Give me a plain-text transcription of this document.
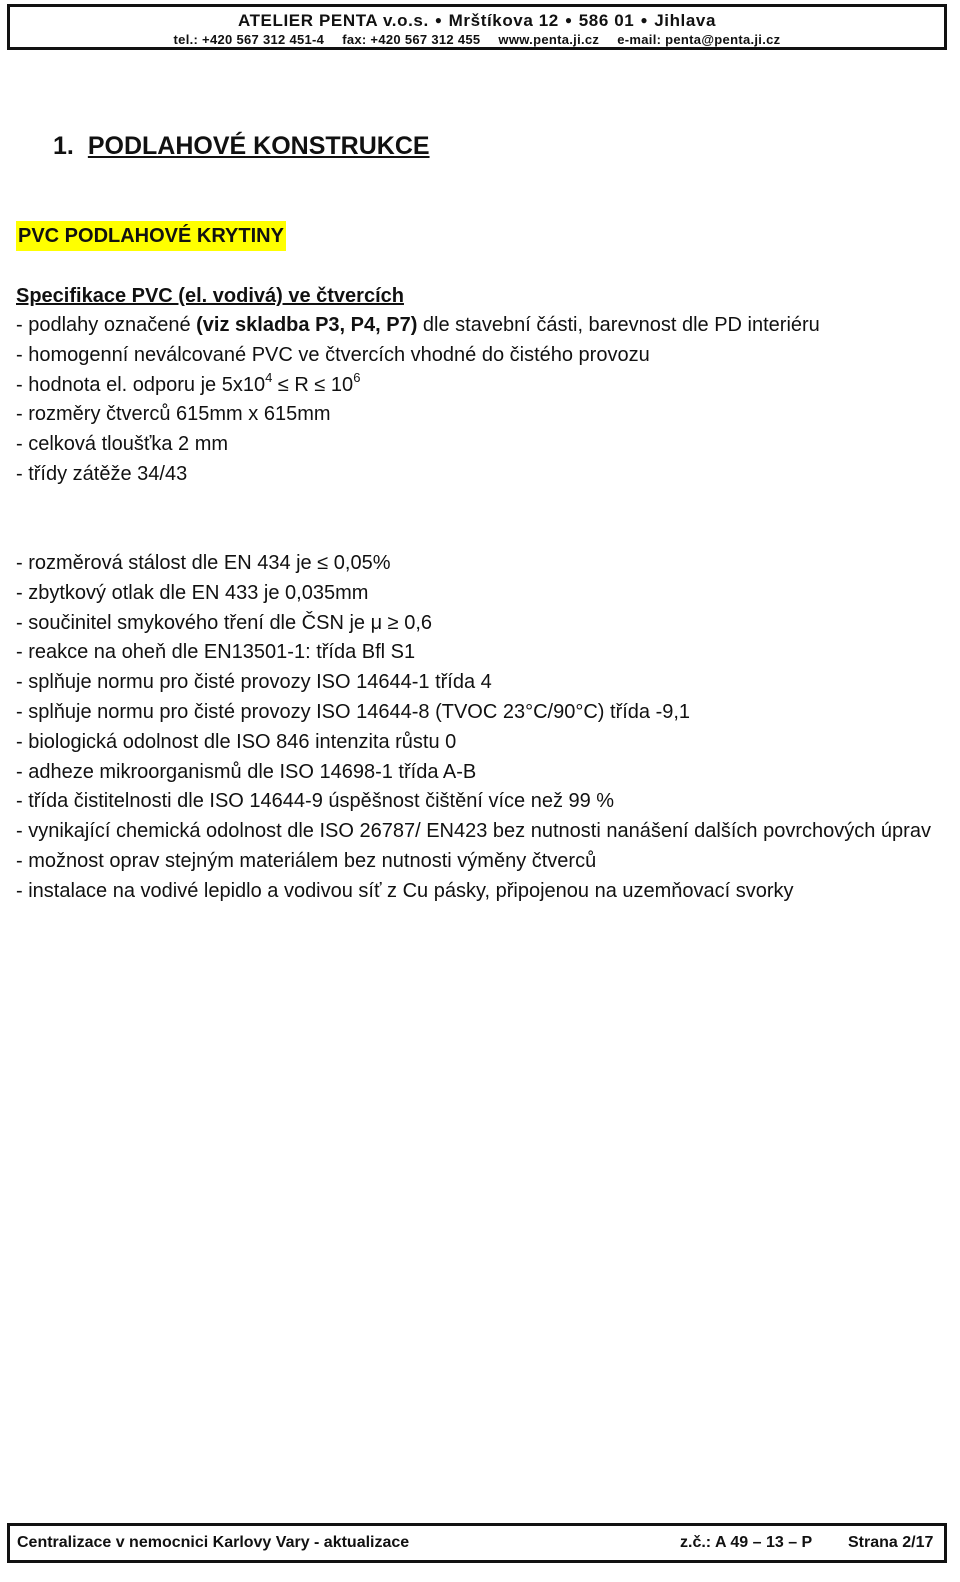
ATELIER PENTA v.o.s. ● Mrštíkova 12 ● 586 01 ● Jihlava
tel.: +420 567 312 451-4 fax: +420 567 312 455 www.penta.ji.cz e-mail: penta@penta.ji.cz
1. PODLAHOVÉ KONSTRUKCE
PVC PODLAHOVÉ KRYTINY
Specifikace PVC (el. vodivá) ve čtvercích
- podlahy označené (viz skladba P3, P4, P7) dle stavební části, barevnost dle PD interiéru
- homogenní neválcované PVC ve čtvercích vhodné do čistého provozu
- hodnota el. odporu je $5x10^4 \le R \le 10^6$
- rozměry čtverců 615mm x 615mm
- celková tloušťka 2 mm
- třídy zátěže 34/43
- rozměrová stálost dle EN 434 je ≤ 0,05%
- zbytkový otlak dle EN 433 je 0,035mm
- součinitel smykového tření dle ČSN je μ ≥ 0,6
- reakce na oheň dle EN13501-1: třída Bfl S1
- splňuje normu pro čisté provozy ISO 14644-1 třída 4
- splňuje normu pro čisté provozy ISO 14644-8 (TVOC 23°C/90°C) třída -9,1
- biologická odolnost dle ISO 846 intenzita růstu 0
- adheze mikroorganismů dle ISO 14698-1 třída A-B
- třída čistitelnosti dle ISO 14644-9 úspěšnost čištění více než 99 %
- vynikající chemická odolnost dle ISO 26787/ EN423 bez nutnosti nanášení dalších povrchových úprav
- možnost oprav stejným materiálem bez nutnosti výměny čtverců
- instalace na vodivé lepidlo a vodivou síť z Cu pásky, připojenou na uzemňovací svorky
Centralizace v nemocnici Karlovy Vary - aktualizace	z.č.: A 49 – 13 – P Strana 2/17
